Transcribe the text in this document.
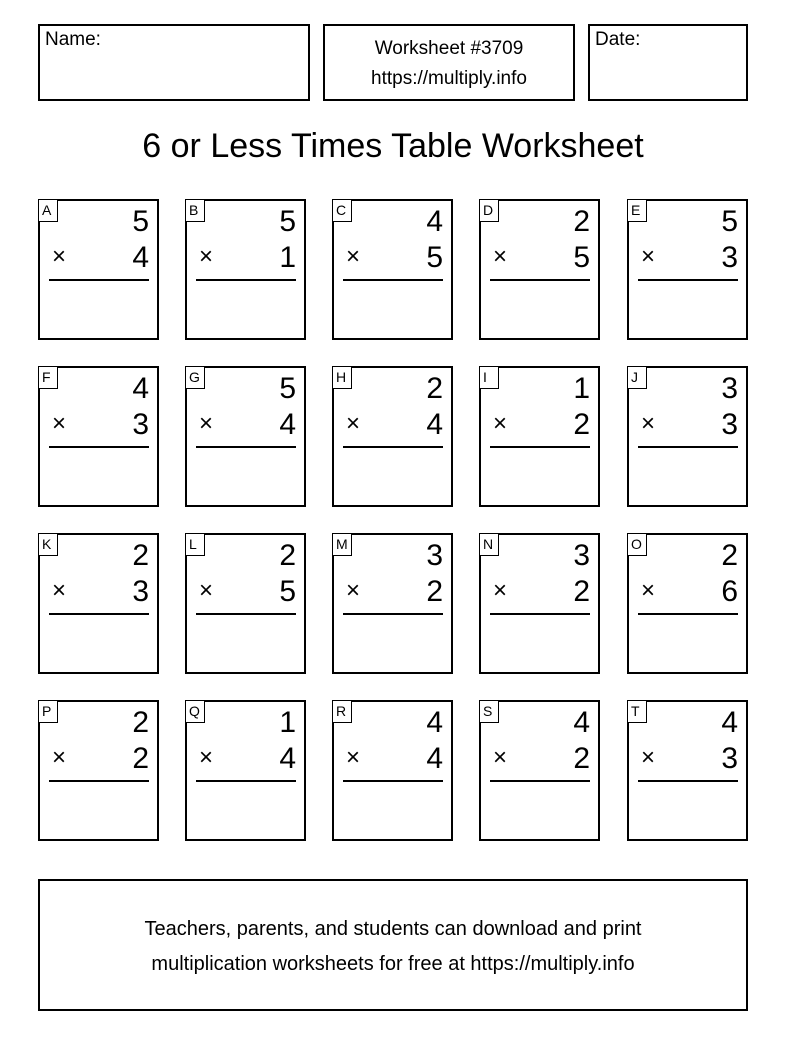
Name:	Worksheet #3709
https://multiply.info
Date:
6 or Less Times Table Worksheet
A	5
× 4
B	5
× 1
C	4
× 5
D	2
× 5
E	5
× 3
F	4
× 3
G	5
× 4
H	2
× 4
I	1
× 2
J	3
× 3
K	2
× 3
L	2
× 5
M	3
× 2
N	3
× 2
O	2
× 6
P	2
× 2
Q	1
× 4
R	4
× 4
S	4
× 2
T	4
× 3
Teachers, parents, and students can download and print
multiplication worksheets for free at https://multiply.info
